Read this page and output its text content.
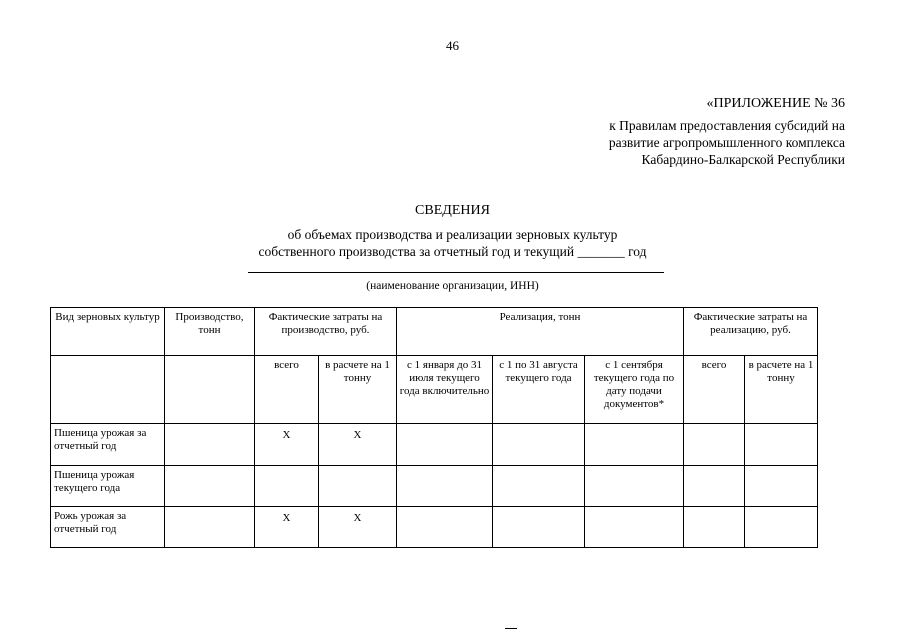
46
«ПРИЛОЖЕНИЕ № 36
к Правилам предоставления субсидий на
развитие агропромышленного комплекса
Кабардино-Балкарской Республики
СВЕДЕНИЯ
об объемах производства и реализации зерновых культур
собственного производства за отчетный год и текущий _______ год
(наименование организации, ИНН)
Вид зерновых культур	Производство, тонн	Фактические затраты на производство, руб.		Реализация, тонн			Фактические затраты на реализацию, руб.	
		всего	в расчете на 1 тонну	с 1 января до 31 июля текущего года включительно	с 1 по 31 августа текущего года	с 1 сентября текущего года по дату подачи документов*	всего	в расчете на 1 тонну
Пшеница урожая за отчетный год		Х	Х					

Пшеница урожая текущего года								
Рожь урожая за отчетный год		Х	Х					
